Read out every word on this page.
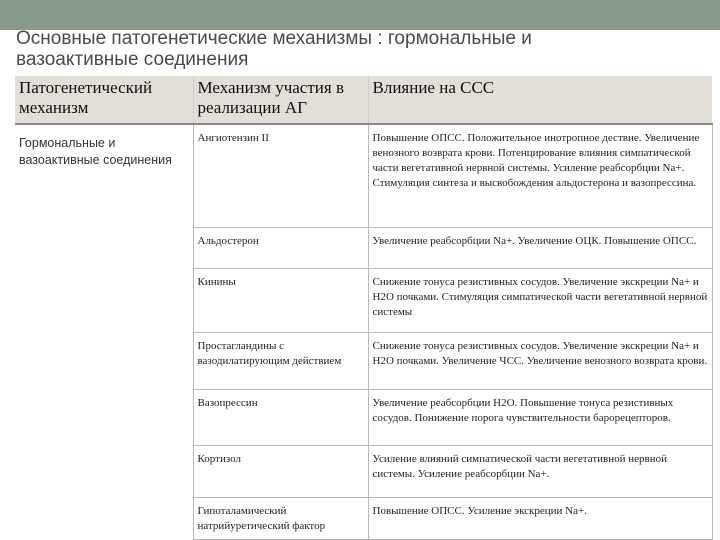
Основные патогенетические механизмы : гормональные и вазоактивные соединения
Патогенетический механизм	Механизм участия в реализации АГ	Влияние на ССС
Гормональные и вазоактивные соединения	Ангиотензин II	Повышение ОПСС. Положительное инотропное дествие. Увеличение венозного возврата крови. Потенцирование влияния симпатической части вегетативной нервной системы. Усиление реабсорбции Na+. Стимуляция синтеза и высвобождения альдостерона и вазопрессина.
	Альдостерон	Увеличение реабсорбции Na+. Увеличение ОЦК. Повышение ОПСС.
	Кинины	Снижение тонуса резистивных сосудов. Увеличение экскреции Na+ и H2O почками. Стимуляция симпатической части вегетативной нервной системы
	Простагландины с вазодилатирующим действием	Снижение тонуса резистивных сосудов. Увеличение экскреции Na+ и H2O почками. Увеличение ЧСС. Увеличение венозного возврата крови.
	Вазопрессин	Увеличение реабсорбции H2O. Повышение тонуса резистивных сосудов. Понижение порога чувствительности барорецепторов.
	Кортизол	Усиление влияний симпатической части вегетативной нервной системы. Усиление реабсорбции Na+.
	Гипоталамический натрийуретический фактор	Повышение ОПСС. Усиление экскреции Na+.
